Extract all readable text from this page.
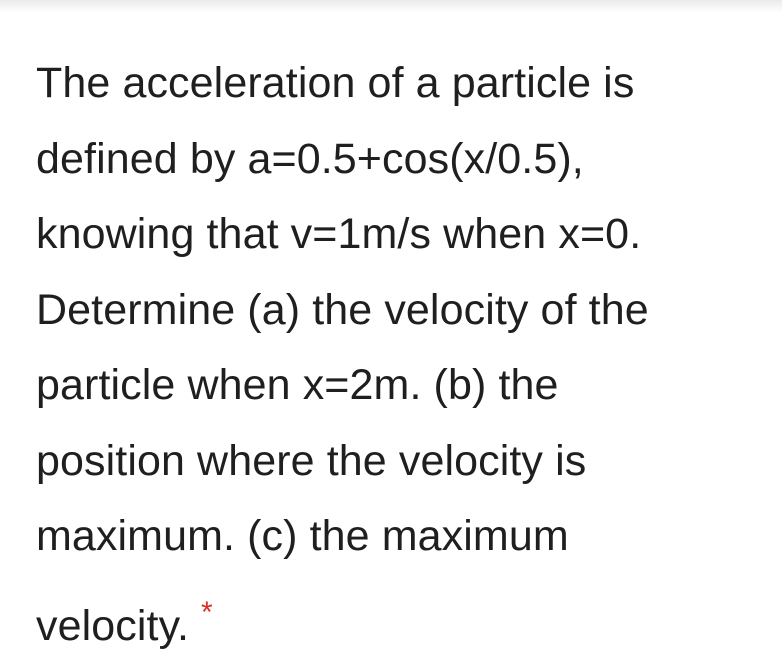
The acceleration of a particle is
defined by a=0.5+cos(x/0.5),
knowing that v=1m/s when x=0.
Determine (a) the velocity of the
particle when x=2m. (b) the
position where the velocity is
maximum. (c) the maximum
velocity. *
